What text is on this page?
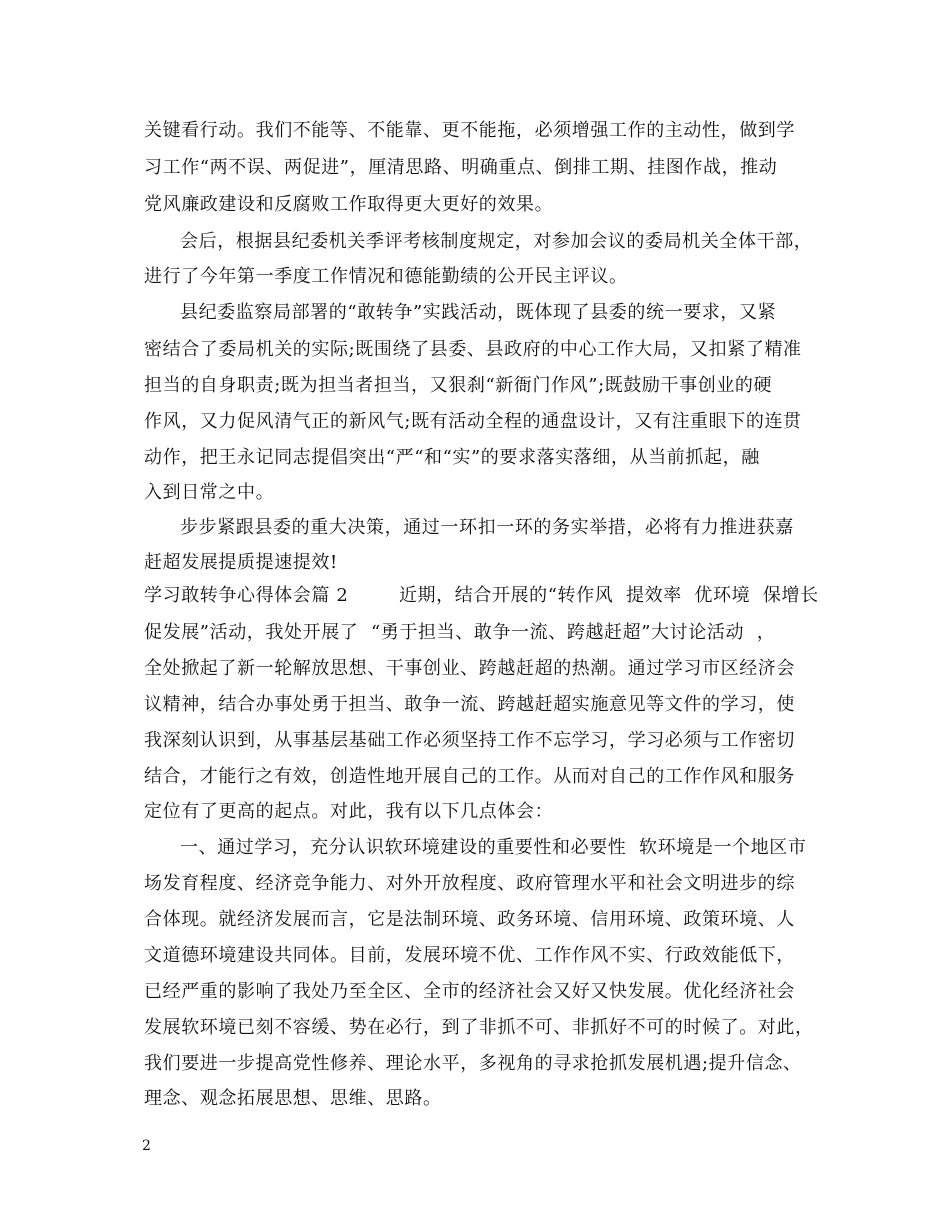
关键看行动。我们不能等、不能靠、更不能拖，必须增强工作的主动性，做到学
习工作“两不误、两促进”，厘清思路、明确重点、倒排工期、挂图作战，推动
党风廉政建设和反腐败工作取得更大更好的效果。
会后，根据县纪委机关季评考核制度规定，对参加会议的委局机关全体干部，
进行了今年第一季度工作情况和德能勤绩的公开民主评议。
县纪委监察局部署的“敢转争”实践活动，既体现了县委的统一要求，又紧
密结合了委局机关的实际;既围绕了县委、县政府的中心工作大局，又扣紧了精准
担当的自身职责;既为担当者担当，又狠刹“新衙门作风”;既鼓励干事创业的硬
作风，又力促风清气正的新风气;既有活动全程的通盘设计，又有注重眼下的连贯
动作，把王永记同志提倡突出“严“和“实”的要求落实落细，从当前抓起，融
入到日常之中。
步步紧跟县委的重大决策，通过一环扣一环的务实举措，必将有力推进获嘉
赶超发展提质提速提效!
学习敢转争心得体会篇 2        近期，结合开展的“转作风  提效率  优环境  保增长
促发展”活动，我处开展了  “勇于担当、敢争一流、跨越赶超”大讨论活动  ，
全处掀起了新一轮解放思想、干事创业、跨越赶超的热潮。通过学习市区经济会
议精神，结合办事处勇于担当、敢争一流、跨越赶超实施意见等文件的学习，使
我深刻认识到，从事基层基础工作必须坚持工作不忘学习，学习必须与工作密切
结合，才能行之有效，创造性地开展自己的工作。从而对自己的工作作风和服务
定位有了更高的起点。对此，我有以下几点体会：
一、通过学习，充分认识软环境建设的重要性和必要性  软环境是一个地区市
场发育程度、经济竞争能力、对外开放程度、政府管理水平和社会文明进步的综
合体现。就经济发展而言，它是法制环境、政务环境、信用环境、政策环境、人
文道德环境建设共同体。目前，发展环境不优、工作作风不实、行政效能低下，
已经严重的影响了我处乃至全区、全市的经济社会又好又快发展。优化经济社会
发展软环境已刻不容缓、势在必行，到了非抓不可、非抓好不可的时候了。对此，
我们要进一步提高党性修养、理论水平，多视角的寻求抢抓发展机遇;提升信念、
理念、观念拓展思想、思维、思路。
2
